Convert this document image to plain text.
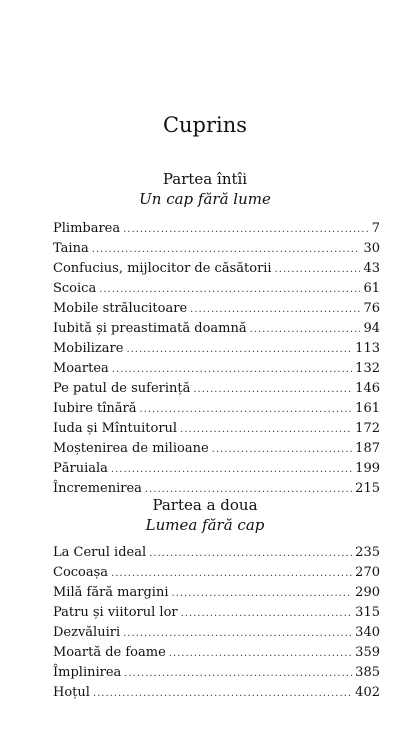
Cuprins
Partea întîi
Un cap fără lume
Plimbarea .....	7
Taina .....	30
Confucius, mijlocitor de căsătorii .....	43
Scoica .....	61
Mobile strălucitoare .....	76
Iubită și preastimată doamnă .....	94
Mobilizare .....	113
Moartea .....	132
Pe patul de suferință .....	146
Iubire tînără .....	161
Iuda și Mîntuitorul .....	172
Moștenirea de milioane .....	187
Păruiala .....	199
Încremenirea .....	215
Partea a doua
Lumea fără cap
La Cerul ideal .....	235
Cocoașa .....	270
Milă fără margini .....	290
Patru și viitorul lor .....	315
Dezvăluiri .....	340
Moartă de foame .....	359
Împlinirea .....	385
Hoțul .....	402
